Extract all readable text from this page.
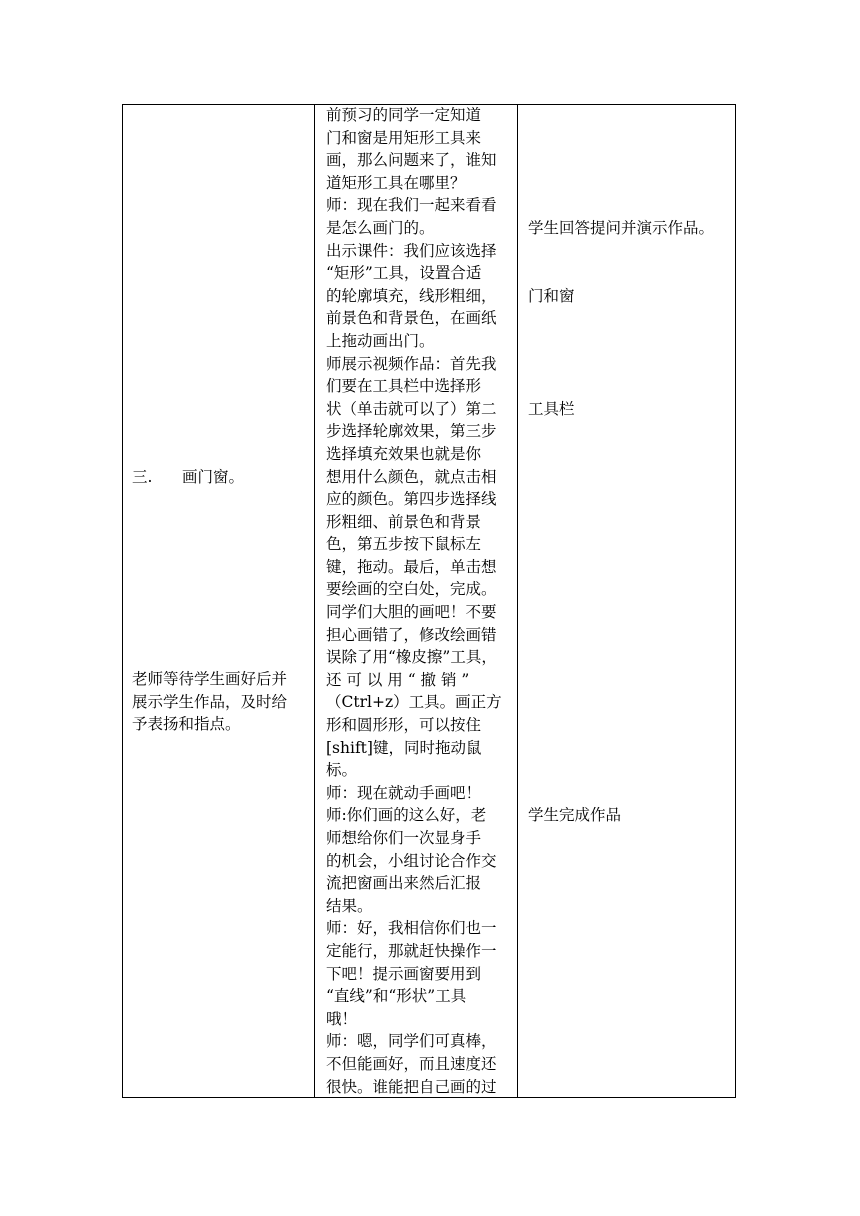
三.      画门窗。
老师等待学生画好后并
展示学生作品，及时给
予表扬和指点。
前预习的同学一定知道
门和窗是用矩形工具来
画，那么问题来了，谁知
道矩形工具在哪里？
师：现在我们一起来看看
是怎么画门的。
出示课件：我们应该选择
“矩形”工具，设置合适
的轮廓填充，线形粗细，
前景色和背景色，在画纸
上拖动画出门。
师展示视频作品：首先我
们要在工具栏中选择形
状（单击就可以了）第二
步选择轮廓效果，第三步
选择填充效果也就是你
想用什么颜色，就点击相
应的颜色。第四步选择线
形粗细、前景色和背景
色，第五步按下鼠标左
键，拖动。最后，单击想
要绘画的空白处，完成。
同学们大胆的画吧！不要
担心画错了，修改绘画错
误除了用“橡皮擦”工具，
还 可 以 用 “ 撤 销 ”
（Ctrl+z）工具。画正方
形和圆形形，可以按住
[shift]键，同时拖动鼠
标。
师：现在就动手画吧！
师:你们画的这么好，老
师想给你们一次显身手
的机会，小组讨论合作交
流把窗画出来然后汇报
结果。
师：好，我相信你们也一
定能行，那就赶快操作一
下吧！提示画窗要用到
“直线”和“形状”工具
哦！
师：嗯，同学们可真棒，
不但能画好，而且速度还
很快。谁能把自己画的过
学生回答提问并演示作品。
门和窗
工具栏
学生完成作品
